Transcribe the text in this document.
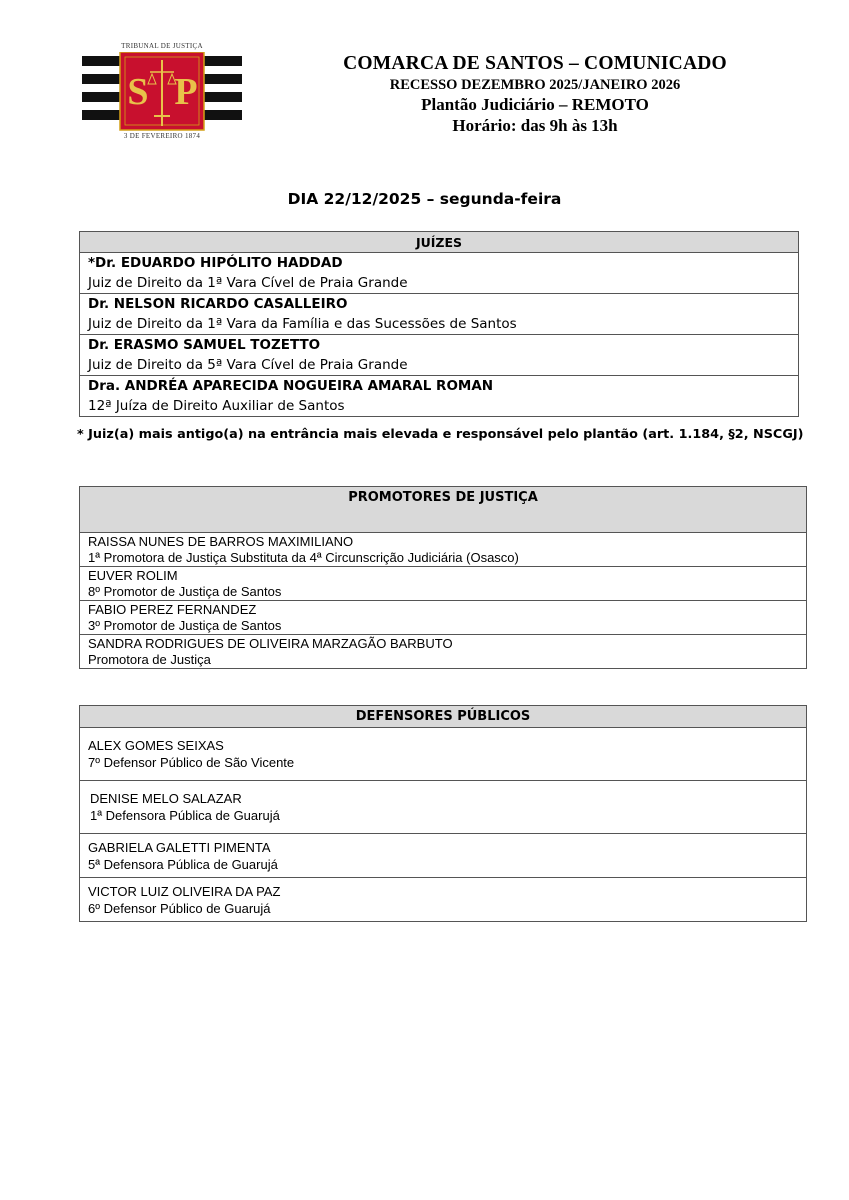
TRIBUNAL DE JUSTIÇA
S P
3 DE FEVEREIRO 1874
COMARCA DE SANTOS – COMUNICADO
RECESSO DEZEMBRO 2025/JANEIRO 2026
Plantão Judiciário – REMOTO
Horário: das 9h às 13h
DIA 22/12/2025 – segunda-feira
JUÍZES

*Dr. EDUARDO HIPÓLITO HADDAD
Juiz de Direito da 1ª Vara Cível de Praia Grande

Dr. NELSON RICARDO CASALLEIRO
Juiz de Direito da 1ª Vara da Família e das Sucessões de Santos

Dr. ERASMO SAMUEL TOZETTO
Juiz de Direito da 5ª Vara Cível de Praia Grande

Dra. ANDRÉA APARECIDA NOGUEIRA AMARAL ROMAN
12ª Juíza de Direito Auxiliar de Santos
* Juiz(a) mais antigo(a) na entrância mais elevada e responsável pelo plantão (art. 1.184, §2, NSCGJ)
PROMOTORES DE JUSTIÇA

RAISSA NUNES DE BARROS MAXIMILIANO
1ª Promotora de Justiça Substituta da 4ª Circunscrição Judiciária (Osasco)

EUVER ROLIM
8º Promotor de Justiça de Santos

FABIO PEREZ FERNANDEZ
3º Promotor de Justiça de Santos

SANDRA RODRIGUES DE OLIVEIRA MARZAGÃO BARBUTO
Promotora de Justiça
DEFENSORES PÚBLICOS

ALEX GOMES SEIXAS
7º Defensor Público de São Vicente

DENISE MELO SALAZAR
1ª Defensora Pública de Guarujá

GABRIELA GALETTI PIMENTA
5ª Defensora Pública de Guarujá

VICTOR LUIZ OLIVEIRA DA PAZ
6º Defensor Público de Guarujá
